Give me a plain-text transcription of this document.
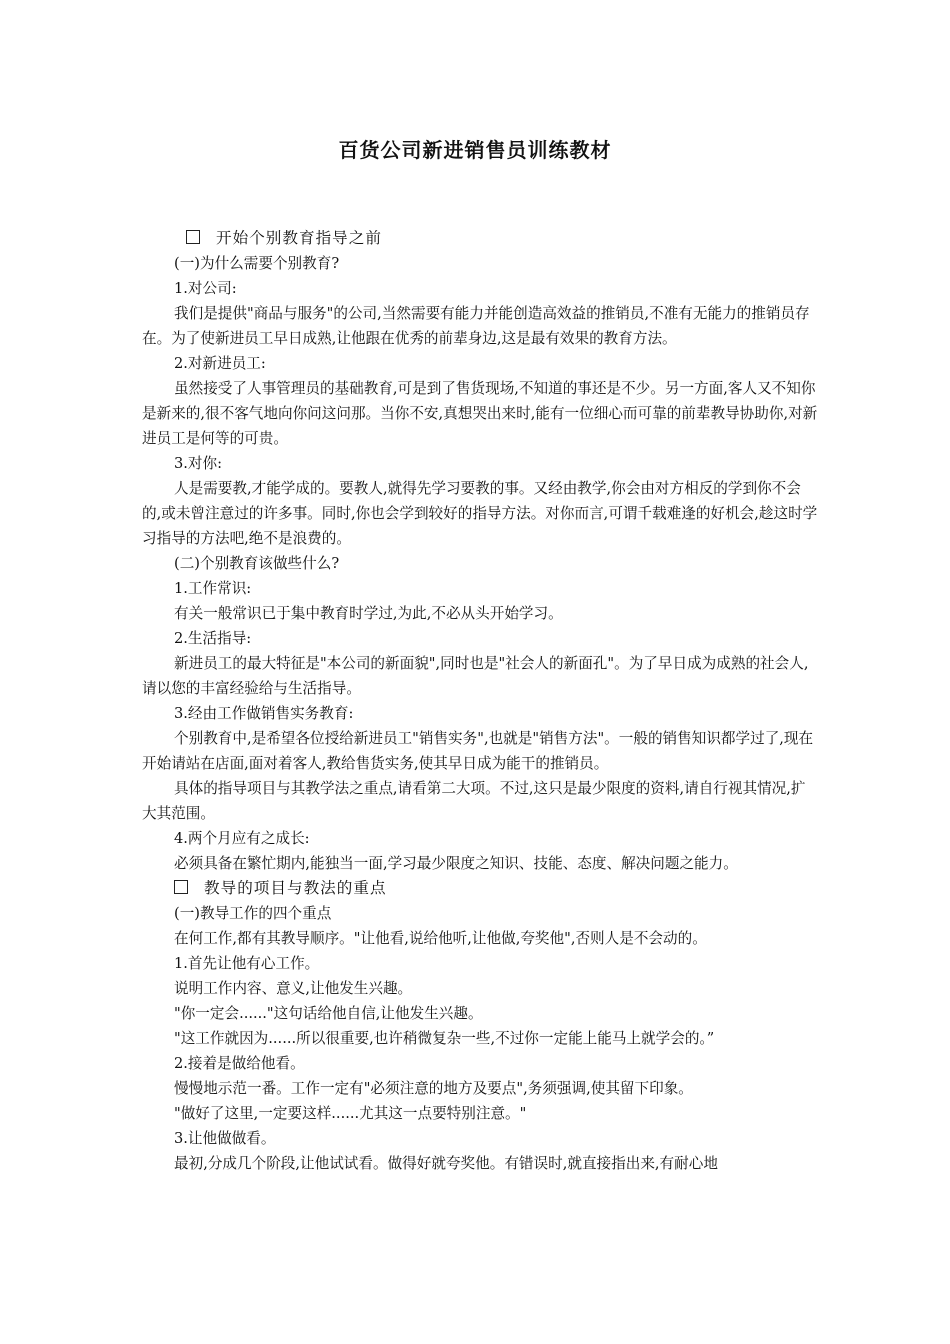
百货公司新进销售员训练教材

开始个别教育指导之前

(一)为什么需要个别教育?

1.对公司:

我们是提供"商品与服务"的公司,当然需要有能力并能创造高效益的推销员,不准有无能力的推销员存在。为了使新进员工早日成熟,让他跟在优秀的前辈身边,这是最有效果的教育方法。

2.对新进员工:

虽然接受了人事管理员的基础教育,可是到了售货现场,不知道的事还是不少。另一方面,客人又不知你是新来的,很不客气地向你问这问那。当你不安,真想哭出来时,能有一位细心而可靠的前辈教导协助你,对新进员工是何等的可贵。

3.对你:

人是需要教,才能学成的。要教人,就得先学习要教的事。又经由教学,你会由对方相反的学到你不会的,或未曾注意过的许多事。同时,你也会学到较好的指导方法。对你而言,可谓千载难逢的好机会,趁这时学习指导的方法吧,绝不是浪费的。

(二)个别教育该做些什么?

1.工作常识:

有关一般常识已于集中教育时学过,为此,不必从头开始学习。

2.生活指导:

新进员工的最大特征是"本公司的新面貌",同时也是"社会人的新面孔"。为了早日成为成熟的社会人,请以您的丰富经验给与生活指导。

3.经由工作做销售实务教育:

个别教育中,是希望各位授给新进员工"销售实务",也就是"销售方法"。一般的销售知识都学过了,现在开始请站在店面,面对着客人,教给售货实务,使其早日成为能干的推销员。

具体的指导项目与其教学法之重点,请看第二大项。不过,这只是最少限度的资料,请自行视其情况,扩大其范围。

4.两个月应有之成长:

必须具备在繁忙期内,能独当一面,学习最少限度之知识、技能、态度、解决问题之能力。

教导的项目与教法的重点

(一)教导工作的四个重点

在何工作,都有其教导顺序。"让他看,说给他听,让他做,夸奖他",否则人是不会动的。

1.首先让他有心工作。

说明工作内容、意义,让他发生兴趣。

"你一定会......"这句话给他自信,让他发生兴趣。

"这工作就因为......所以很重要,也许稍微复杂一些,不过你一定能上能马上就学会的。”

2.接着是做给他看。

慢慢地示范一番。工作一定有"必须注意的地方及要点",务须强调,使其留下印象。

"做好了这里,一定要这样......尤其这一点要特别注意。"

3.让他做做看。

最初,分成几个阶段,让他试试看。做得好就夸奖他。有错误时,就直接指出来,有耐心地
